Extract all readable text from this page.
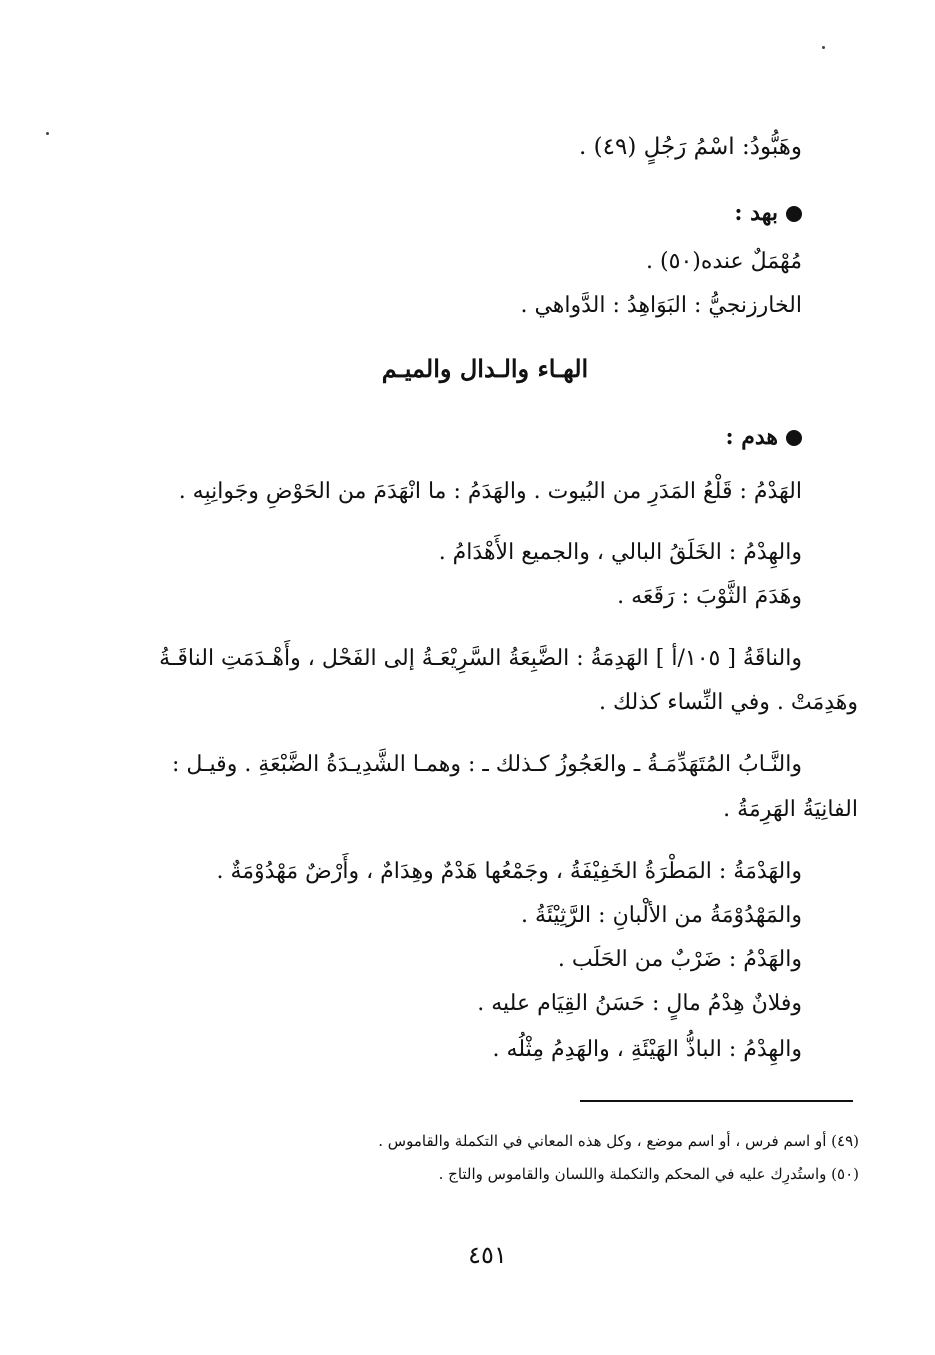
وهَبُّودُ: اسْمُ رَجُلٍ (٤٩) .
بهد :
مُهْمَلٌ عنده(٥٠) .
الخارزنجيُّ : البَوَاهِدُ : الدَّواهي .
الهـاء والـدال والميـم
هدم :
الهَدْمُ : قَلْعُ المَدَرِ من البُيوت . والهَدَمُ : ما انْهَدَمَ من الحَوْضِ وجَوانِبِه .
والهِدْمُ : الخَلَقُ البالي ، والجميع الأَهْدَامُ .
وهَدَمَ الثَّوْبَ : رَقَعَه .
والناقَةُ [ ١٠٥/أ ] الهَدِمَةُ : الضَّبِعَةُ السَّرِيْعَـةُ إلى الفَحْل ، وأَهْـدَمَتِ الناقَـةُ
وهَدِمَتْ . وفي النِّساء كذلك .
والنَّـابُ المُتَهَدِّمَـةُ ـ والعَجُوزُ كـذلك ـ : وهمـا الشَّدِيـدَةُ الضَّبْعَةِ . وقيـل :
الفانِيَةُ الهَرِمَةُ .
والهَدْمَةُ : المَطْرَةُ الخَفِيْفَةُ ، وجَمْعُها هَدْمٌ وهِدَامٌ ، وأَرْضٌ مَهْدُوْمَةٌ .
والمَهْدُوْمَةُ من الألْبانِ : الرَّثِيْئَةُ .
والهَدْمُ : ضَرْبٌ من الحَلَب .
وفلانٌ هِدْمُ مالٍ : حَسَنُ القِيَام عليه .
والهِدْمُ : الباذُّ الهَيْئَةِ ، والهَدِمُ مِثْلُه .
(٤٩) أو اسم فرس ، أو اسم موضع ، وكل هذه المعاني في التكملة والقاموس .
(٥٠) واستُدرِك عليه في المحكم والتكملة واللسان والقاموس والتاج .
٤٥١
